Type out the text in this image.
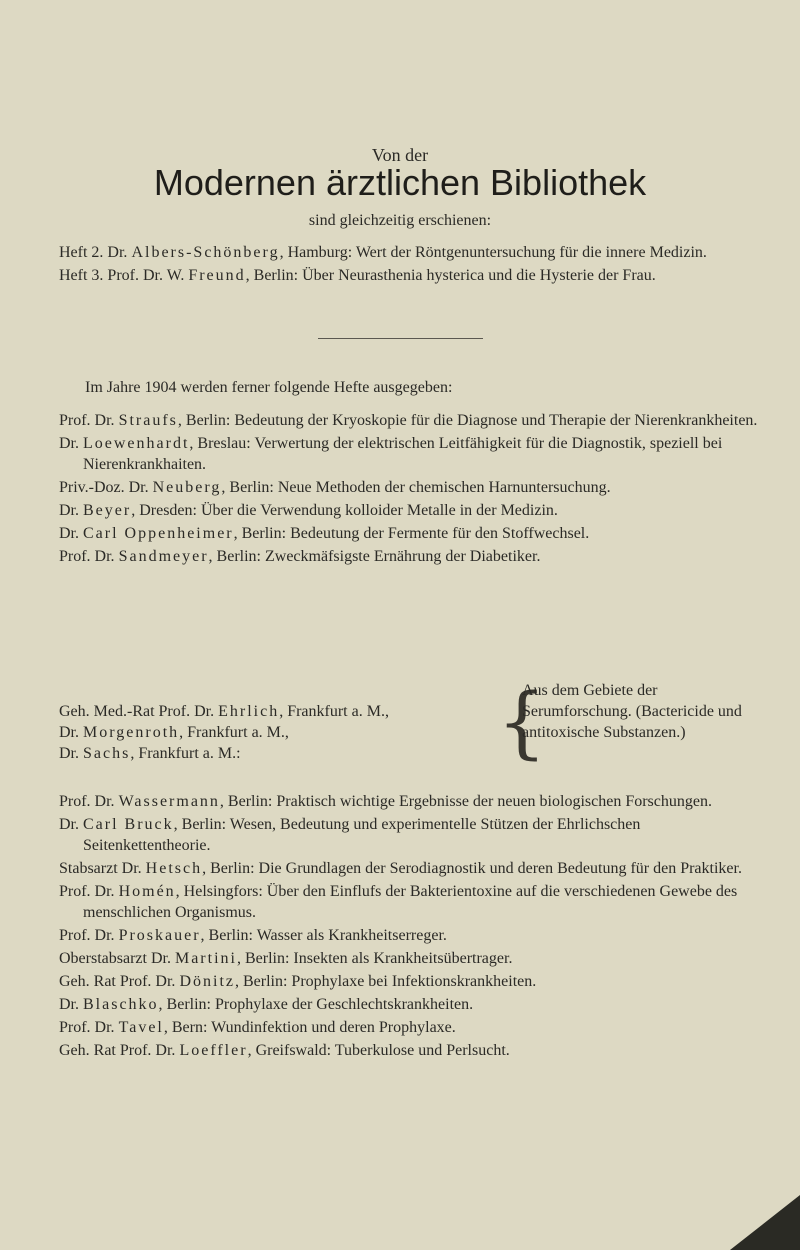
Von der
Modernen ärztlichen Bibliothek
sind gleichzeitig erschienen:
Heft 2. Dr. Albers-Schönberg, Hamburg: Wert der Röntgenuntersuchung für die innere Medizin.
Heft 3. Prof. Dr. W. Freund, Berlin: Über Neurasthenia hysterica und die Hysterie der Frau.
Im Jahre 1904 werden ferner folgende Hefte ausgegeben:
Prof. Dr. Straufs, Berlin: Bedeutung der Kryoskopie für die Diagnose und Therapie der Nierenkrankheiten.
Dr. Loewenhardt, Breslau: Verwertung der elektrischen Leitfähigkeit für die Diagnostik, speziell bei Nierenkrankhaiten.
Priv.-Doz. Dr. Neuberg, Berlin: Neue Methoden der chemischen Harnuntersuchung.
Dr. Beyer, Dresden: Über die Verwendung kolloider Metalle in der Medizin.
Dr. Carl Oppenheimer, Berlin: Bedeutung der Fermente für den Stoffwechsel.
Prof. Dr. Sandmeyer, Berlin: Zweckmäfsigste Ernährung der Diabetiker.
Geh. Med.-Rat Prof. Dr. Ehrlich, Frankfurt a. M.,
Dr. Morgenroth, Frankfurt a. M.,
Dr. Sachs, Frankfurt a. M.:	{
Aus dem Gebiete der Serumforschung. (Bactericide und antitoxische Substanzen.)
Prof. Dr. Wassermann, Berlin: Praktisch wichtige Ergebnisse der neuen biologischen Forschungen.
Dr. Carl Bruck, Berlin: Wesen, Bedeutung und experimentelle Stützen der Ehrlichschen Seitenkettentheorie.
Stabsarzt Dr. Hetsch, Berlin: Die Grundlagen der Serodiagnostik und deren Bedeutung für den Praktiker.
Prof. Dr. Homén, Helsingfors: Über den Einflufs der Bakterientoxine auf die verschiedenen Gewebe des menschlichen Organismus.
Prof. Dr. Proskauer, Berlin: Wasser als Krankheitserreger.
Oberstabsarzt Dr. Martini, Berlin: Insekten als Krankheitsübertrager.
Geh. Rat Prof. Dr. Dönitz, Berlin: Prophylaxe bei Infektionskrankheiten.
Dr. Blaschko, Berlin: Prophylaxe der Geschlechtskrankheiten.
Prof. Dr. Tavel, Bern: Wundinfektion und deren Prophylaxe.
Geh. Rat Prof. Dr. Loeffler, Greifswald: Tuberkulose und Perlsucht.
